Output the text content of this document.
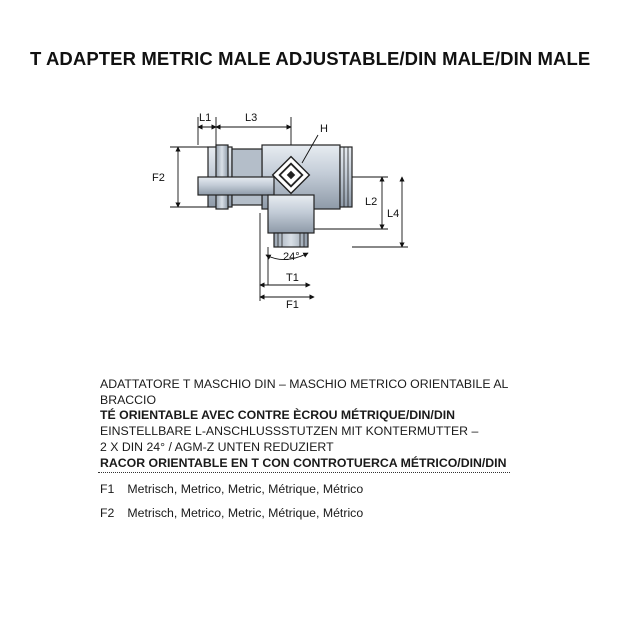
T ADAPTER METRIC MALE ADJUSTABLE/DIN MALE/DIN MALE
L1	L3
H
F2
L2
L4
24°
T1
F1
ADATTATORE T MASCHIO DIN – MASCHIO METRICO ORIENTABILE AL
BRACCIO
TÉ ORIENTABLE AVEC CONTRE ÈCROU MÉTRIQUE/DIN/DIN
EINSTELLBARE L-ANSCHLUSSSTUTZEN MIT KONTERMUTTER –
2 X DIN 24° / AGM-Z UNTEN REDUZIERT
RACOR ORIENTABLE EN T CON CONTROTUERCA MÉTRICO/DIN/DIN
F1 Metrisch, Metrico, Metric, Métrique, Métrico
F2 Metrisch, Metrico, Metric, Métrique, Métrico
